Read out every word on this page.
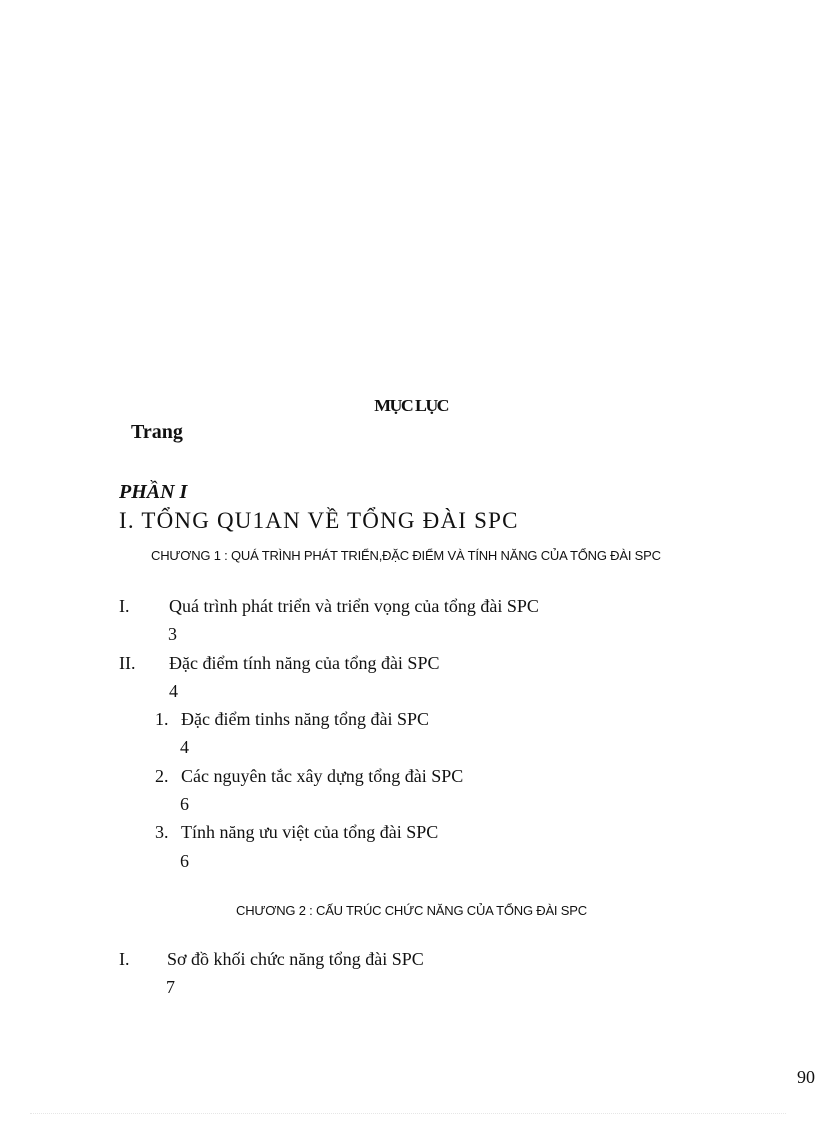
MỤC LỤC
Trang
PHẦN I
I. TỔNG QU1AN VỀ TỔNG ĐÀI SPC
CHƯƠNG 1 : QUÁ TRÌNH PHÁT TRIỂN,ĐẶC ĐIỂM VÀ TÍNH NĂNG CỦA TỔNG ĐÀI SPC
I. Quá trình phát triển và triển vọng của tổng đài SPC
3
II. Đặc điểm tính năng của tổng đài SPC
4
1. Đặc điểm tinhs năng tổng đài SPC
4
2. Các nguyên tắc xây dựng tổng đài SPC
6
3. Tính năng ưu việt của tổng đài SPC
6
CHƯƠNG 2 : CẤU TRÚC CHỨC NĂNG CỦA TỔNG ĐÀI SPC
I. Sơ đồ khối chức năng tổng đài SPC
7
90
